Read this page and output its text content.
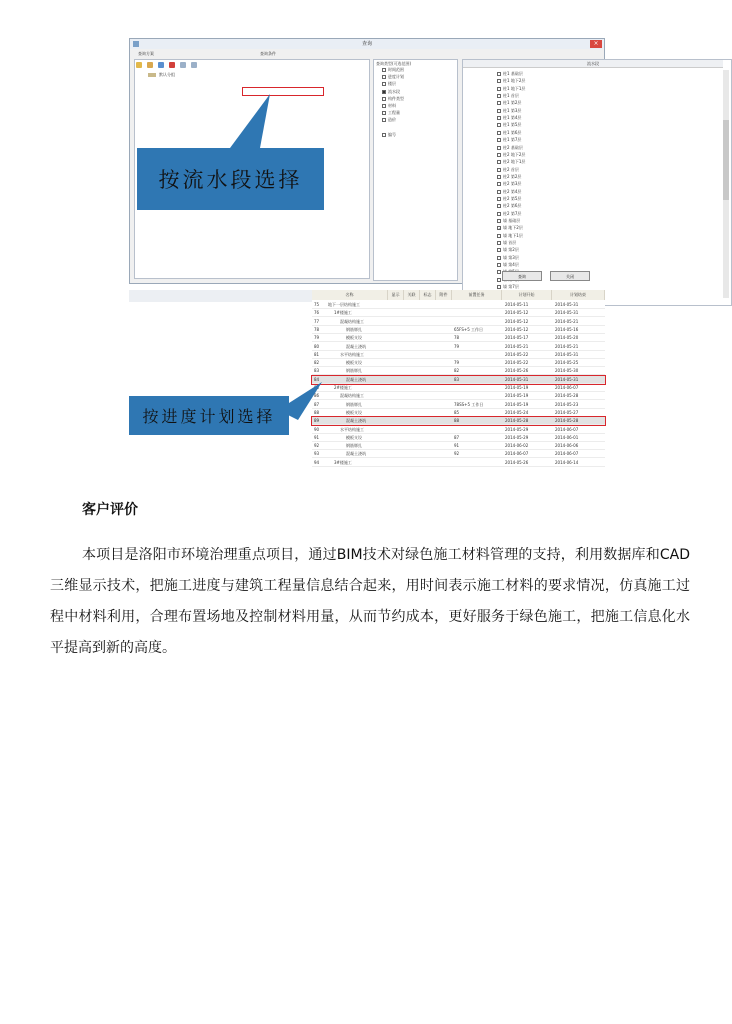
查询	×
查询方案	查询条件
默认分组
查询类型(可选范围)
时间范围
进度计划
楼层
流水段
构件类型
材料
工程量
造价
编号
流水段
柱1 基础层
柱1 地下2层
柱1 地下1层
柱1 首层
柱1 第2层
柱1 第3层
柱1 第4层
柱1 第5层
柱1 第6层
柱1 第7层
柱2 基础层
柱2 地下2层
柱2 地下1层
柱2 首层
柱2 第2层
柱2 第3层
柱2 第4层
柱2 第5层
柱2 第6层
柱2 第7层
墙 基础层
✓ 墙 地下2层
墙 地下1层
墙 首层
墙 第2层
墙 第3层
墙 第4层
墙 第7层
查询	关闭
按流水段选择
名称	显示	关联	标志	附件	前置任务	计划开始	计划结束
75 地下一层结构施工	2014-05-11	2014-05-31
76	1#楼施工	2014-05-12	2014-05-31
77	混凝结构施工	2014-05-12	2014-05-21
78	钢筋绑扎	65FS+5 工作日	2014-05-12	2014-05-16
79	模板支设	78	2014-05-17	2014-05-20
80	混凝土浇筑	79	2014-05-21	2014-05-21
81	水平结构施工	2014-05-22	2014-05-31
82	模板支设	79	2014-05-22	2014-05-25
83	钢筋绑扎	82	2014-05-26	2014-05-30
84	混凝土浇筑	83	2014-05-31	2014-05-31
2#楼施工	2014-05-19	2014-06-07
86	混凝结构施工	2014-05-19	2014-05-28
87	钢筋绑扎	78SS+5 工作日	2014-05-19	2014-05-23
88	模板支设	85	2014-05-24	2014-05-27
89	混凝土浇筑	88	2014-05-28	2014-05-28
90	水平结构施工	2014-05-29	2014-06-07
91	模板支设	87	2014-05-29	2014-06-01
92	钢筋绑扎	91	2014-06-02	2014-06-06
93	混凝土浇筑	92	2014-06-07	2014-06-07
94	3#楼施工	2014-05-26	2014-06-14
按进度计划选择
客户评价
本项目是洛阳市环境治理重点项目，通过BIM技术对绿色施工材料管理的支持，利用数据库和CAD三维显示技术，把施工进度与建筑工程量信息结合起来，用时间表示施工材料的要求情况，仿真施工过程中材料利用，合理布置场地及控制材料用量，从而节约成本，更好服务于绿色施工，把施工信息化水平提高到新的高度。
